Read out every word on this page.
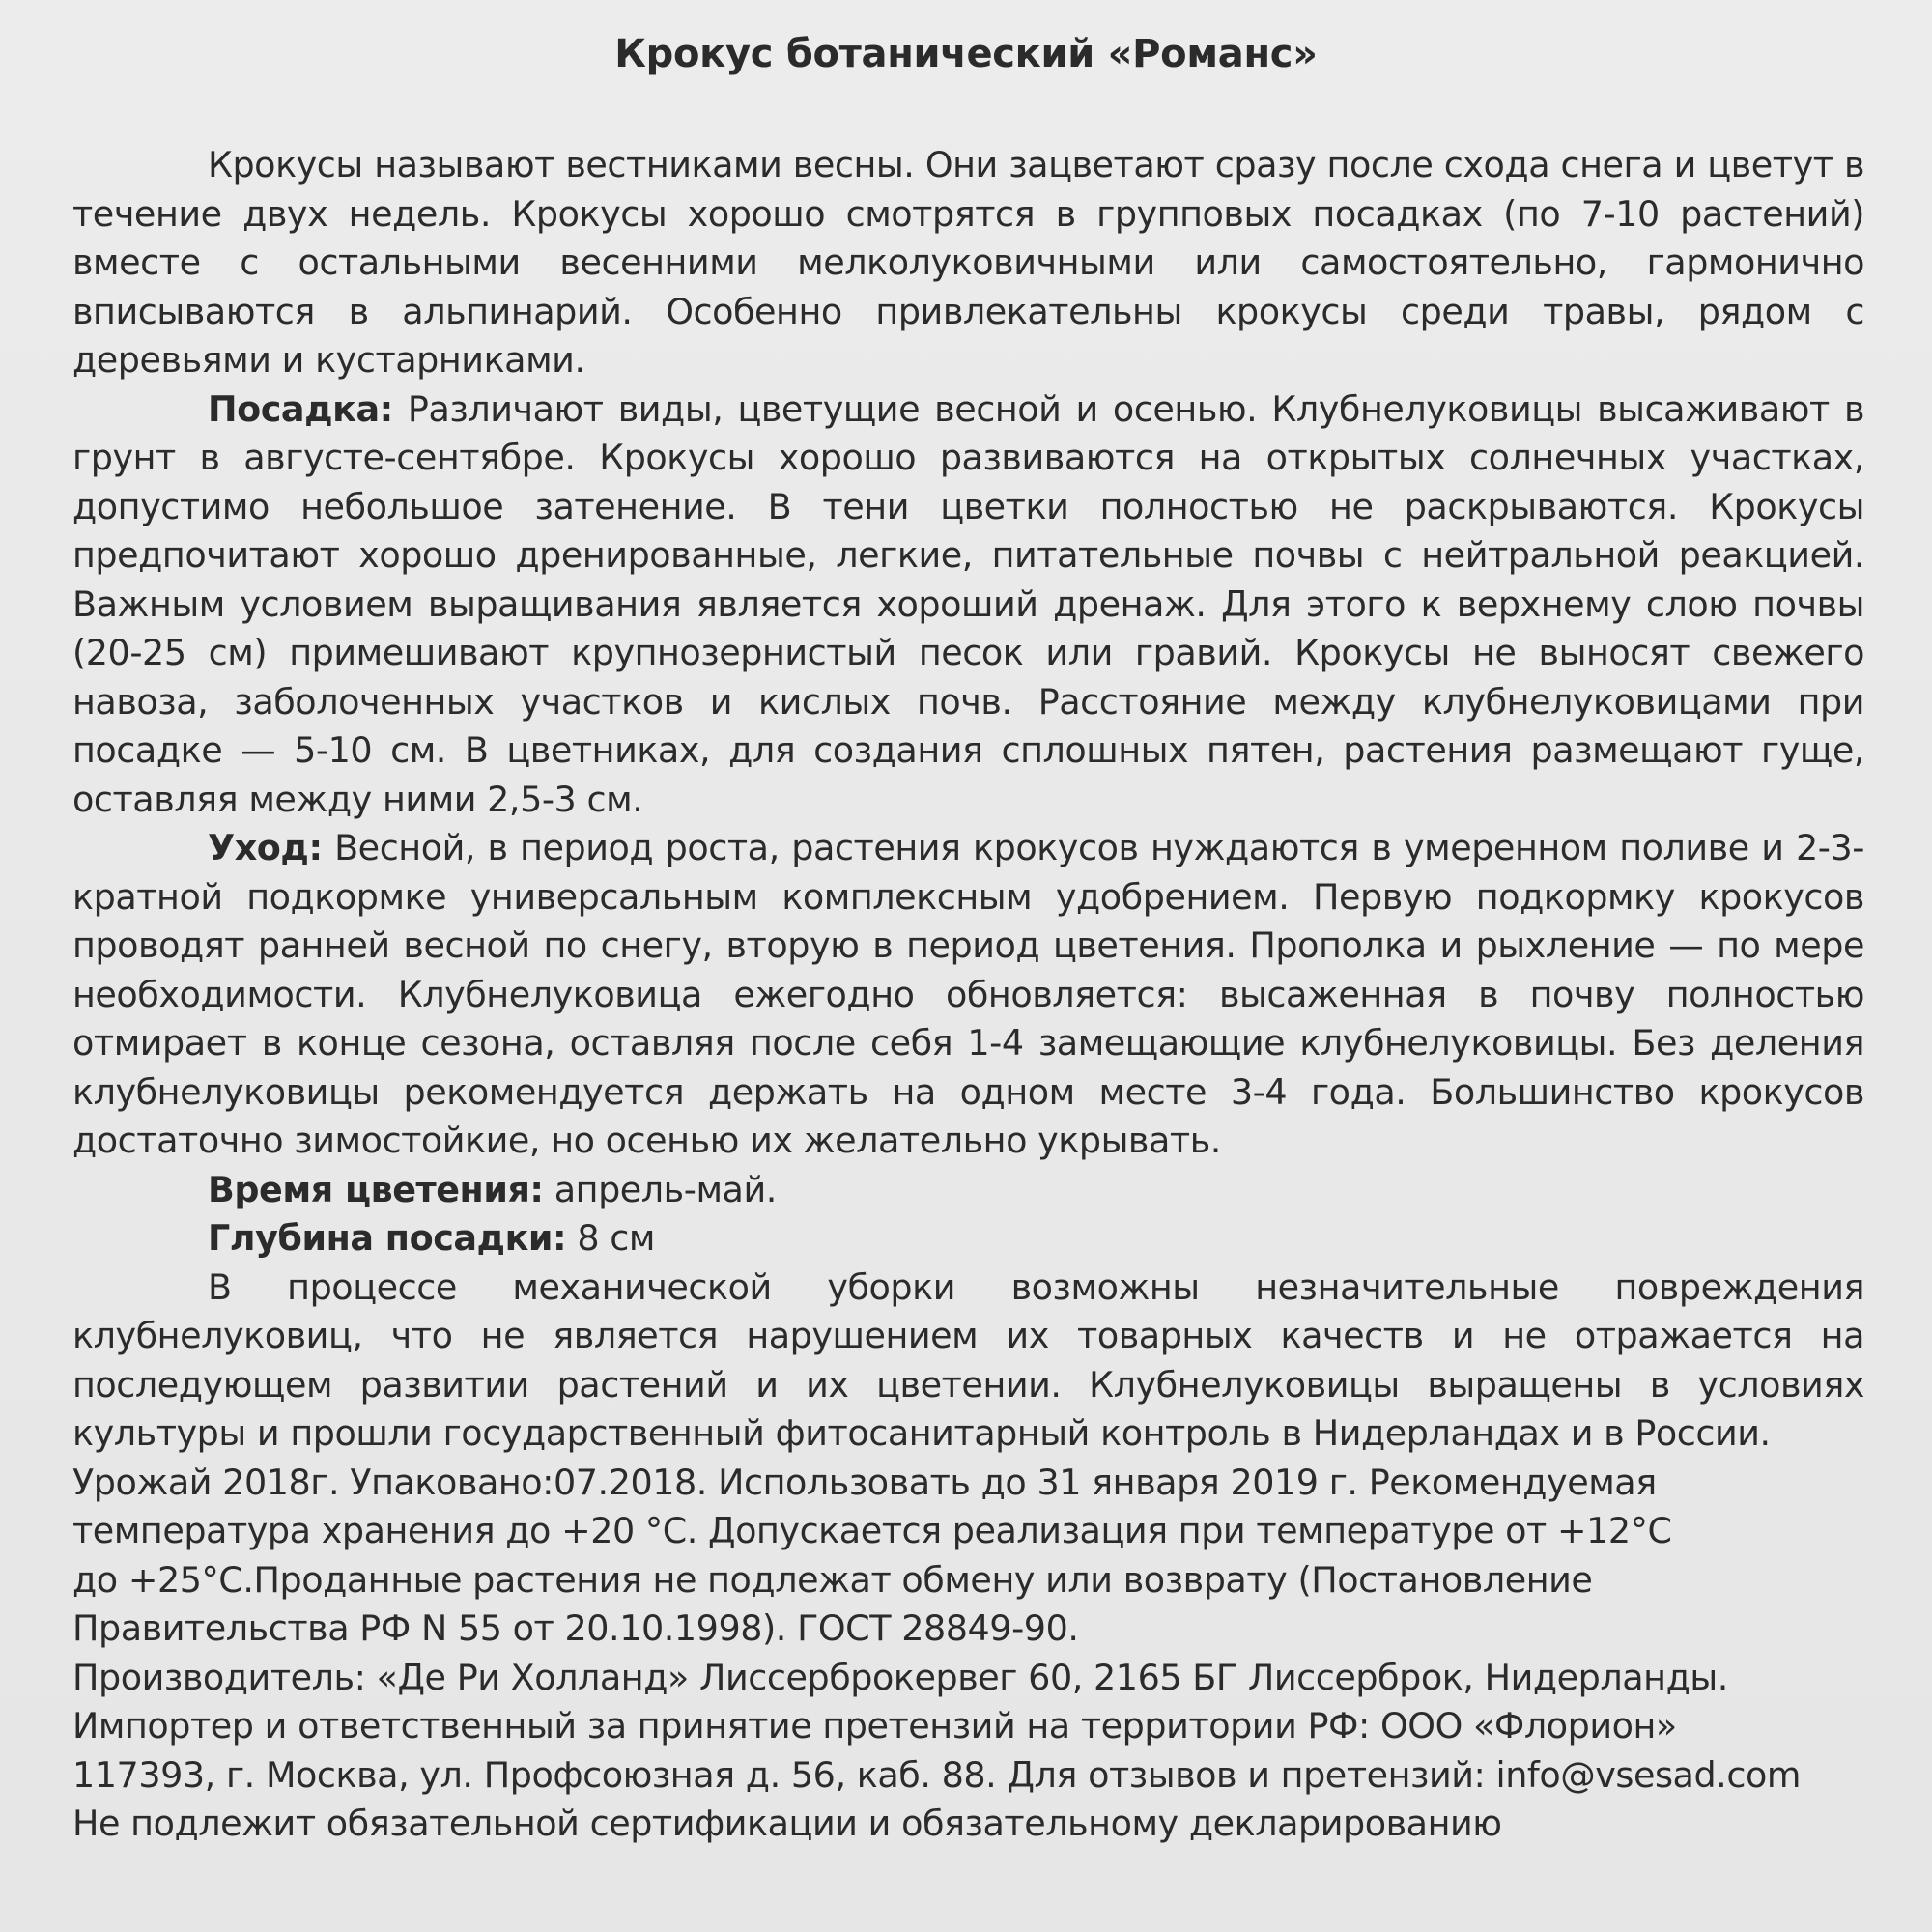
Крокус ботанический «Романс»

Крокусы называют вестниками весны. Они зацветают сразу после схода снега и цветут в течение двух недель. Крокусы хорошо смотрятся в групповых посадках (по 7-10 растений) вместе с остальными весенними мелколуковичными или самостоятельно, гармонично вписываются в альпинарий. Особенно привлекательны крокусы среди травы, рядом с деревьями и кустарниками.

Посадка: Различают виды, цветущие весной и осенью. Клубнелуковицы высаживают в грунт в августе-сентябре. Крокусы хорошо развиваются на открытых солнечных участках, допустимо небольшое затенение. В тени цветки полностью не раскрываются. Крокусы предпочитают хорошо дренированные, легкие, питательные почвы с нейтральной реакцией. Важным условием выращивания является хороший дренаж. Для этого к верхнему слою почвы (20-25 см) примешивают крупнозернистый песок или гравий. Крокусы не выносят свежего навоза, заболоченных участков и кислых почв. Расстояние между клубнелуковицами при посадке — 5-10 см. В цветниках, для создания сплошных пятен, растения размещают гуще, оставляя между ними 2,5-3 см.

Уход: Весной, в период роста, растения крокусов нуждаются в умеренном поливе и 2-3-кратной подкормке универсальным комплексным удобрением. Первую подкормку крокусов проводят ранней весной по снегу, вторую в период цветения. Прополка и рыхление — по мере необходимости. Клубнелуковица ежегодно обновляется: высаженная в почву полностью отмирает в конце сезона, оставляя после себя 1-4 замещающие клубнелуковицы. Без деления клубнелуковицы рекомендуется держать на одном месте 3-4 года. Большинство крокусов достаточно зимостойкие, но осенью их желательно укрывать.

Время цветения: апрель-май.

Глубина посадки: 8 см

В процессе механической уборки возможны незначительные повреждения клубнелуковиц, что не является нарушением их товарных качеств и не отражается на последующем развитии растений и их цветении. Клубнелуковицы выращены в условиях культуры и прошли государственный фитосанитарный контроль в Нидерландах и в России.

Урожай 2018г. Упаковано:07.2018. Использовать до 31 января 2019 г. Рекомендуемая
температура хранения до +20 °С. Допускается реализация при температуре от +12°С
до +25°С.Проданные растения не подлежат обмену или возврату (Постановление
Правительства РФ N 55 от 20.10.1998). ГОСТ 28849-90.
Производитель: «Де Ри Холланд» Лиссерброкервег 60, 2165 БГ Лиссерброк, Нидерланды.
Импортер и ответственный за принятие претензий на территории РФ: ООО «Флорион»
117393, г. Москва, ул. Профсоюзная д. 56, каб. 88. Для отзывов и претензий: info@vsesad.com
Не подлежит обязательной сертификации и обязательному декларированию
